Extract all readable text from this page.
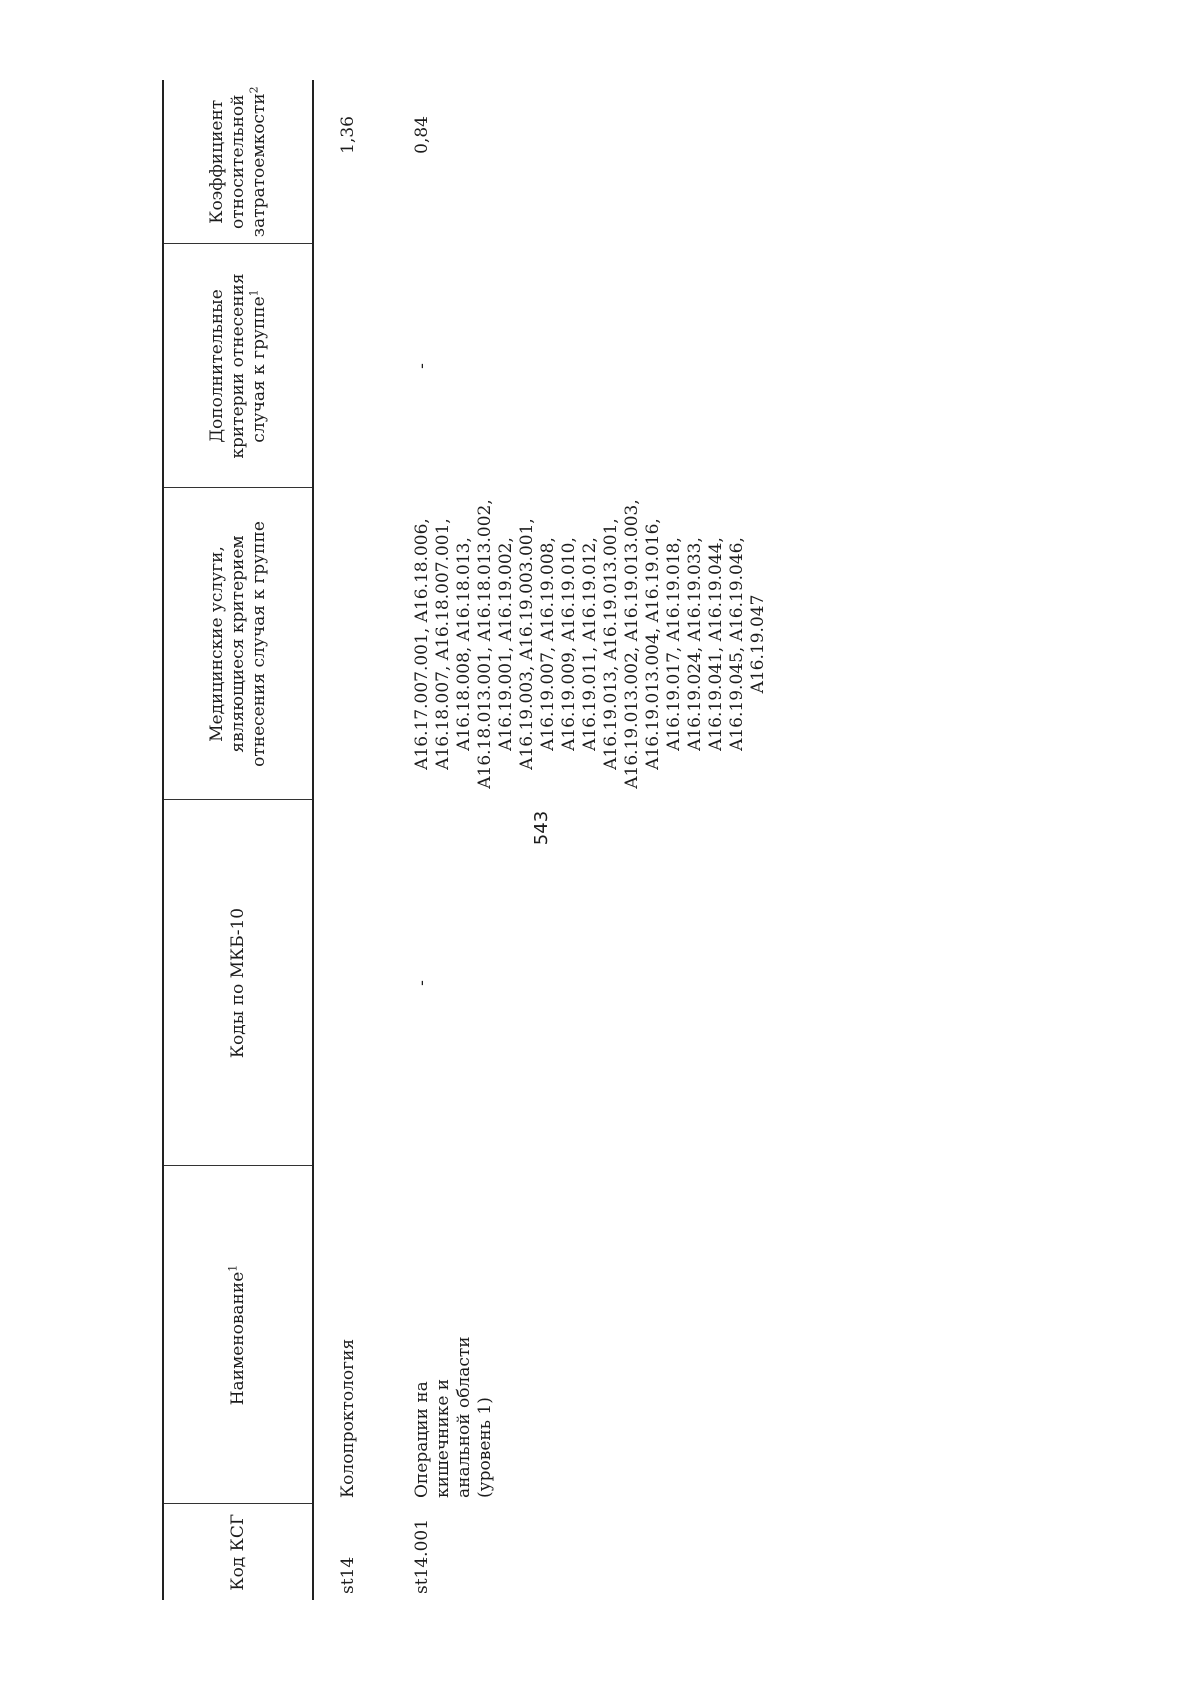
543
Код КСГ	Наименование$^1$	Коды по МКБ-10	Медицинские услуги, являющиеся критерием отнесения случая к группе	Дополнительные критерии отнесения случая к группе$^1$	Коэффициент относительной затратоемкости$^2$
st14	Колопроктология				1,36
st14.001	Операции на кишечнике и анальной области (уровень 1)	-	A16.17.007.001, A16.18.006, A16.18.007, A16.18.007.001, A16.18.008, A16.18.013, A16.18.013.001, A16.18.013.002, A16.19.001, A16.19.002, A16.19.003, A16.19.003.001, A16.19.007, A16.19.008, A16.19.009, A16.19.010, A16.19.011, A16.19.012, A16.19.013, A16.19.013.001, A16.19.013.002, A16.19.013.003, A16.19.013.004, A16.19.016, A16.19.017, A16.19.018, A16.19.024, A16.19.033, A16.19.041, A16.19.044, A16.19.045, A16.19.046, A16.19.047	-	0,84
